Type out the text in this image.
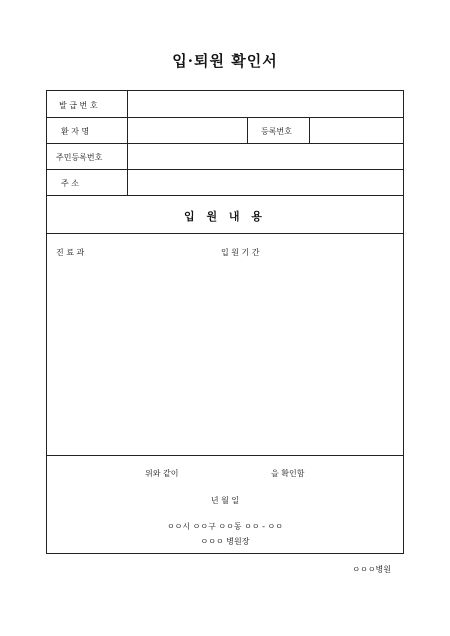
입·퇴원 확인서
발 급 번 호
환 자 명	등록번호
주민등록번호
주 소
입 원 내 용
진 료 과	입 원 기 간
위와 같이	을 확인함
년 월 일
ㅇㅇ시 ㅇㅇ구 ㅇㅇ동 ㅇㅇ - ㅇㅇ
ㅇㅇㅇ 병원장
ㅇㅇㅇ병원
